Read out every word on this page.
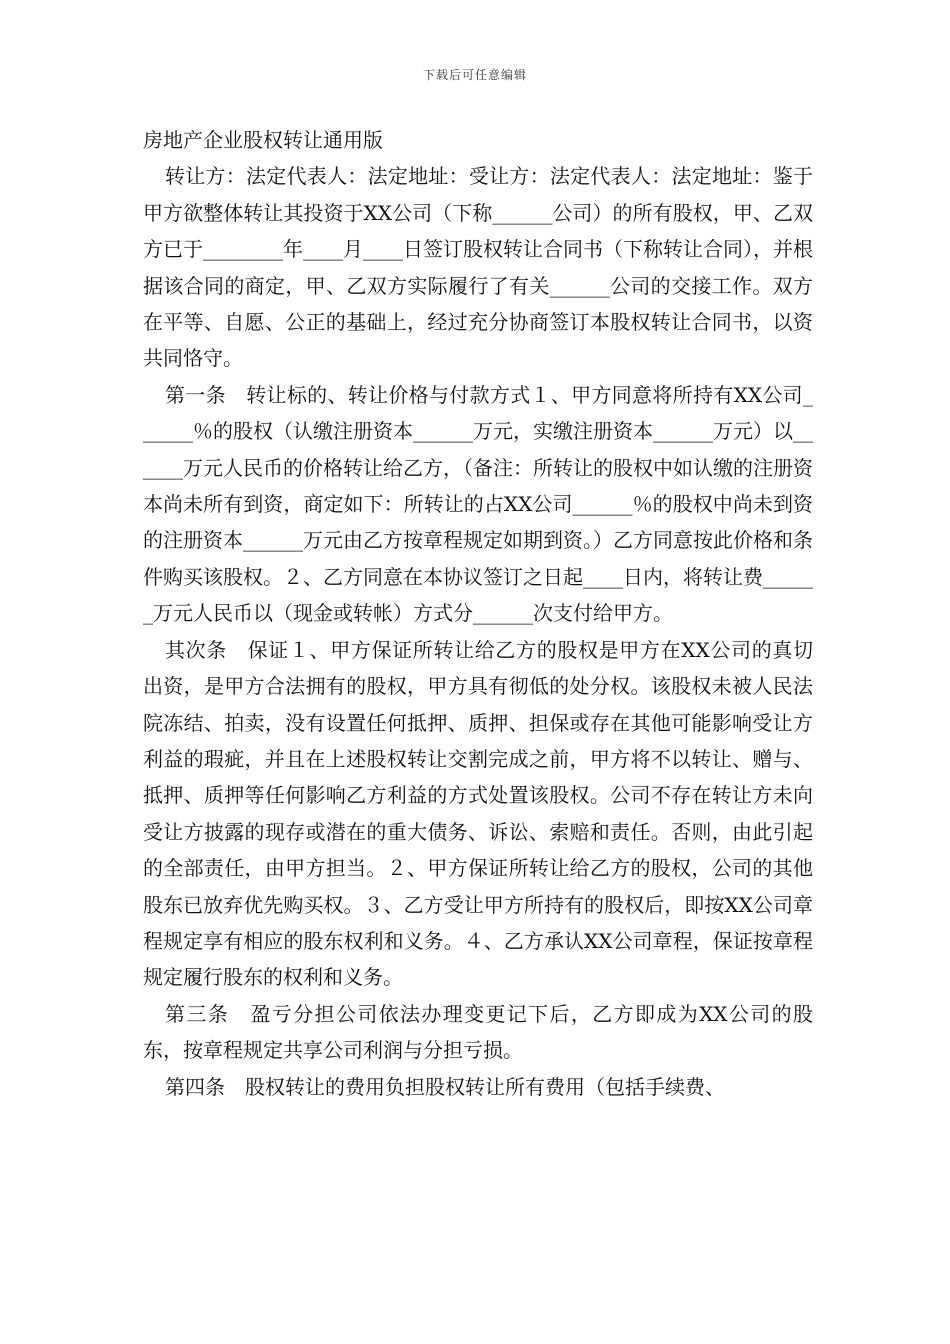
下载后可任意编辑
房地产企业股权转让通用版

转让方：法定代表人：法定地址：受让方：法定代表人：法定地址：鉴于甲方欲整体转让其投资于XX公司（下称______公司）的所有股权，甲、乙双方已于________年____月____日签订股权转让合同书（下称转让合同），并根据该合同的商定，甲、乙双方实际履行了有关______公司的交接工作。双方在平等、自愿、公正的基础上，经过充分协商签订本股权转让合同书，以资共同恪守。

第一条　转让标的、转让价格与付款方式１、甲方同意将所持有XX公司______％的股权（认缴注册资本______万元，实缴注册资本______万元）以______万元人民币的价格转让给乙方，（备注：所转让的股权中如认缴的注册资本尚未所有到资，商定如下：所转让的占XX公司______％的股权中尚未到资的注册资本______万元由乙方按章程规定如期到资。）乙方同意按此价格和条件购买该股权。２、乙方同意在本协议签订之日起____日内，将转让费______万元人民币以（现金或转帐）方式分______次支付给甲方。

其次条　保证１、甲方保证所转让给乙方的股权是甲方在XX公司的真切出资，是甲方合法拥有的股权，甲方具有彻低的处分权。该股权未被人民法院冻结、拍卖，没有设置任何抵押、质押、担保或存在其他可能影响受让方利益的瑕疵，并且在上述股权转让交割完成之前，甲方将不以转让、赠与、抵押、质押等任何影响乙方利益的方式处置该股权。公司不存在转让方未向受让方披露的现存或潜在的重大债务、诉讼、索赔和责任。否则，由此引起的全部责任，由甲方担当。２、甲方保证所转让给乙方的股权，公司的其他股东已放弃优先购买权。３、乙方受让甲方所持有的股权后，即按XX公司章程规定享有相应的股东权利和义务。４、乙方承认XX公司章程，保证按章程规定履行股东的权利和义务。

第三条　盈亏分担公司依法办理变更记下后，乙方即成为XX公司的股东，按章程规定共享公司利润与分担亏损。

第四条　股权转让的费用负担股权转让所有费用（包括手续费、
